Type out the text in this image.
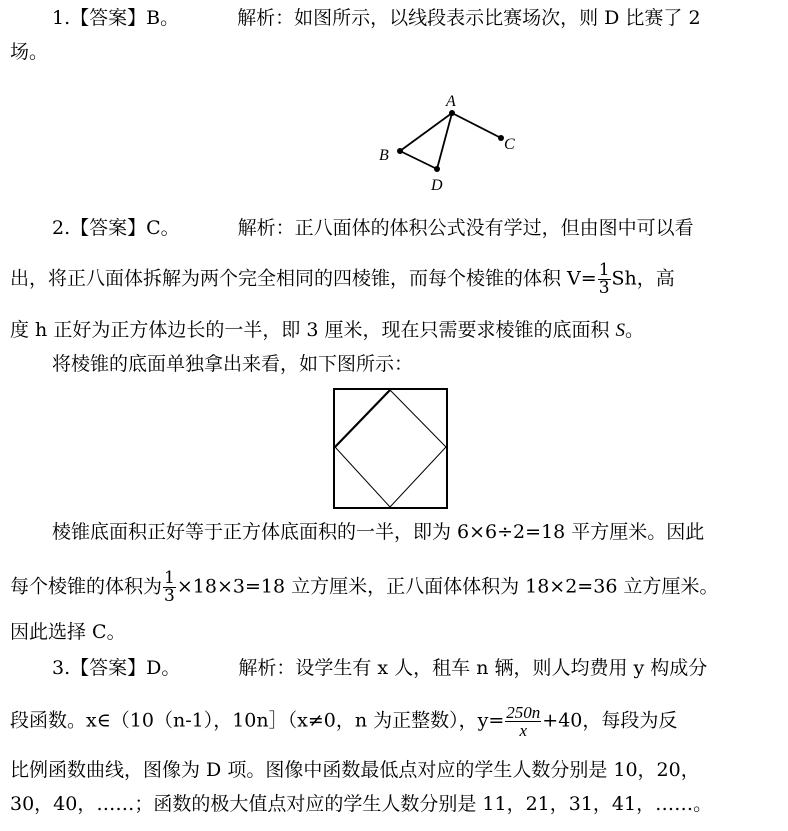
1.【答案】B。	解析：如图所示，以线段表示比赛场次，则 D 比赛了 2
场。
A
B
C
D
2.【答案】C。	解析：正八面体的体积公式没有学过，但由图中可以看
出，将正八面体拆解为两个完全相同的四棱锥，而每个棱锥的体积 $V= \frac{1}{3}$ Sh，高
度 h 正好为正方体边长的一半，即 3 厘米，现在只需要求棱锥的底面积 S。
将棱锥的底面单独拿出来看，如下图所示：
棱锥底面积正好等于正方体底面积的一半，即为 6×6÷2=18 平方厘米。因此
每个棱锥的体积为 $\frac{1}{3} \times 18\times 3=18$ 立方厘米，正八面体体积为 18×2=36 立方厘米。
因此选择 C。
3.【答案】D。	解析：设学生有 x 人，租车 n 辆，则人均费用 y 构成分
段函数。x∈（10（n-1），10n］（x≠0，n 为正整数），$y= \frac{250n}{x} +40$，每段为反
比例函数曲线，图像为 D 项。图像中函数最低点对应的学生人数分别是 10，20，
30，40，……；函数的极大值点对应的学生人数分别是 11，21，31，41，……。
